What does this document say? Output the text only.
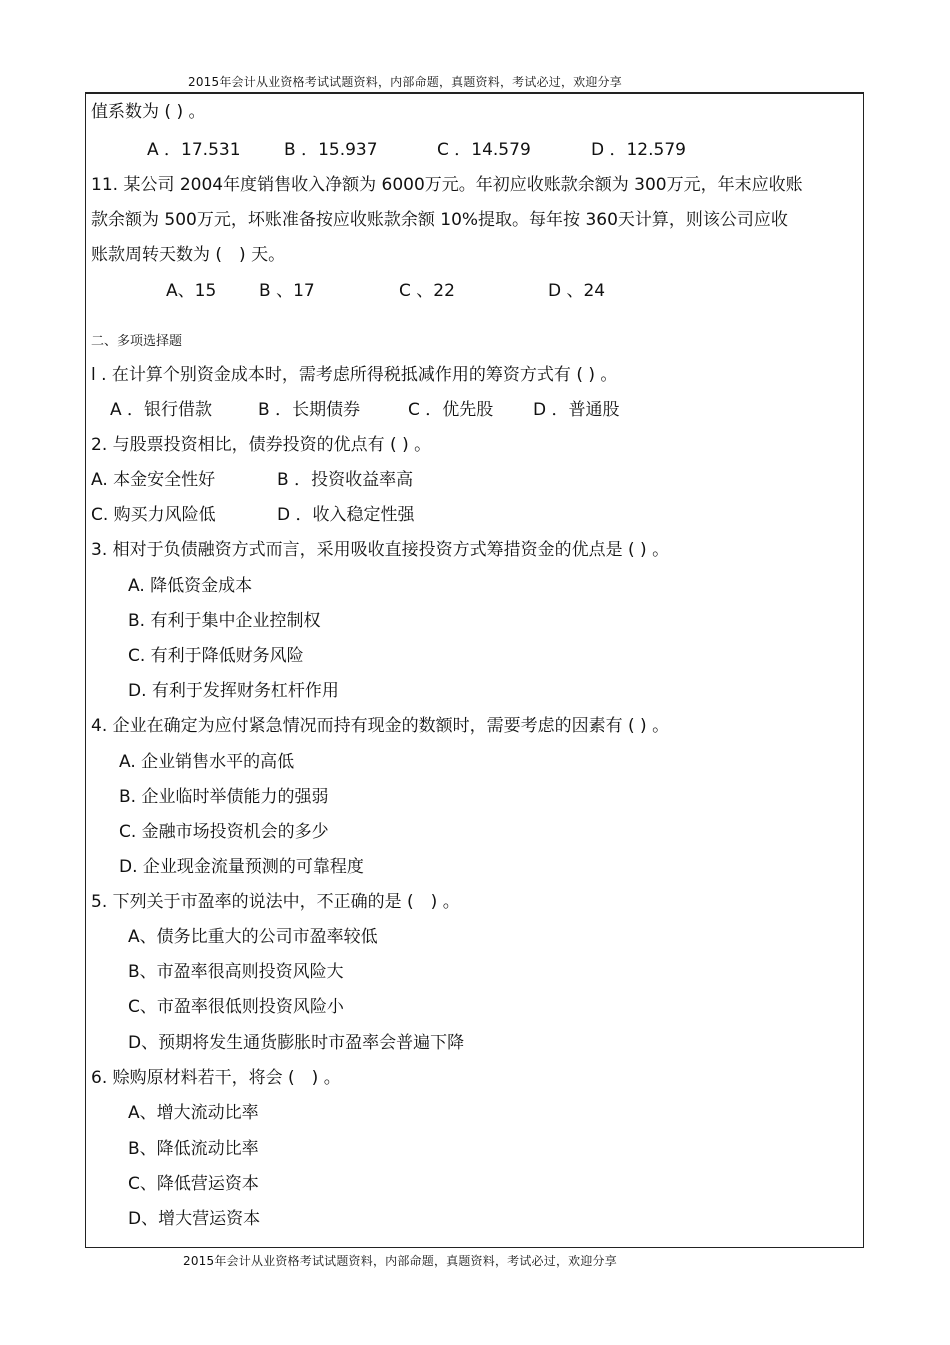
2015年会计从业资格考试试题资料，内部命题，真题资料，考试必过，欢迎分享
值系数为 ( ) 。
A ．17.531	B ．15.937	C ．14.579	D ．12.579
11. 某公司 2004年度销售收入净额为 6000万元。年初应收账款余额为 300万元，年末应收账
款余额为 500万元，坏账准备按应收账款余额 10%提取。每年按 360天计算，则该公司应收
账款周转天数为 (　) 天。
A、15	B 、17	C 、22	D 、24
二、多项选择题
l . 在计算个别资金成本时，需考虑所得税抵减作用的筹资方式有 ( ) 。
A ．银行借款	B ．长期债券	C ．优先股 D ．普通股
2. 与股票投资相比，债券投资的优点有 ( ) 。
A. 本金安全性好	B ．投资收益率高
C. 购买力风险低	D ．收入稳定性强
3. 相对于负债融资方式而言，采用吸收直接投资方式筹措资金的优点是 ( ) 。
A. 降低资金成本
B. 有利于集中企业控制权
C. 有利于降低财务风险
D. 有利于发挥财务杠杆作用
4. 企业在确定为应付紧急情况而持有现金的数额时，需要考虑的因素有 ( ) 。
A. 企业销售水平的高低
B. 企业临时举债能力的强弱
C. 金融市场投资机会的多少
D. 企业现金流量预测的可靠程度
5. 下列关于市盈率的说法中，不正确的是 (　) 。
A、债务比重大的公司市盈率较低
B、市盈率很高则投资风险大
C、市盈率很低则投资风险小
D、预期将发生通货膨胀时市盈率会普遍下降
6. 赊购原材料若干，将会 (　) 。
A、增大流动比率
B、降低流动比率
C、降低营运资本
D、增大营运资本
2015年会计从业资格考试试题资料，内部命题，真题资料，考试必过，欢迎分享
